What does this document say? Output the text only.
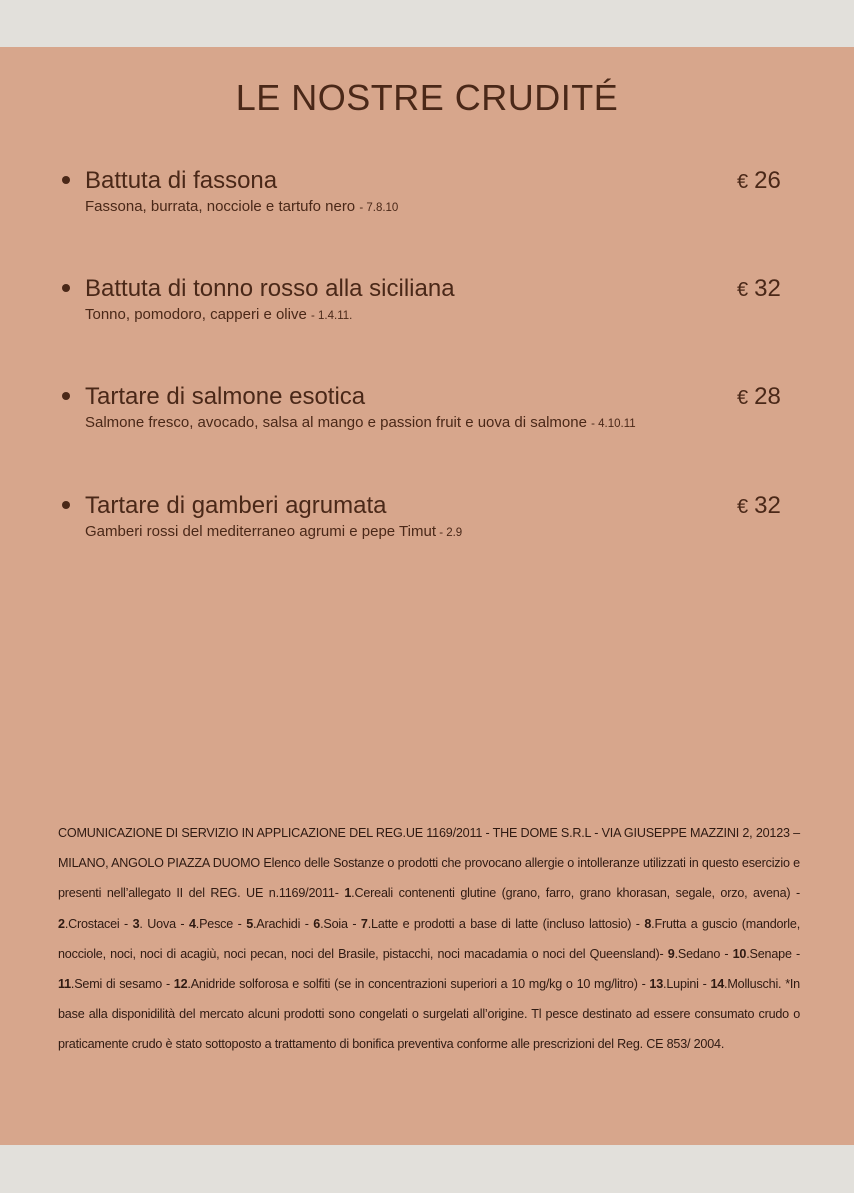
LE NOSTRE CRUDITÉ
Battuta di fassona	€ 26
Fassona, burrata, nocciole e tartufo nero - 7.8.10
Battuta di tonno rosso alla siciliana	€ 32
Tonno, pomodoro, capperi e olive - 1.4.11.
Tartare di salmone esotica	€ 28
Salmone fresco, avocado, salsa al mango e passion fruit e uova di salmone - 4.10.11
Tartare di gamberi agrumata	€ 32
Gamberi rossi del mediterraneo agrumi e pepe Timut - 2.9
COMUNICAZIONE DI SERVIZIO IN APPLICAZIONE DEL REG.UE 1169/2011 - THE DOME S.R.L - VIA GIUSEPPE MAZZINI 2, 20123 – MILANO, ANGOLO PIAZZA DUOMO Elenco delle Sostanze o prodotti che provocano allergie o intolleranze utilizzati in questo esercizio e presenti nell’allegato II del REG. UE n.1169/2011- 1.Cereali contenenti glutine (grano, farro, grano khorasan, segale, orzo, avena) - 2.Crostacei - 3. Uova - 4.Pesce - 5.Arachidi - 6.Soia - 7.Latte e prodotti a base di latte (incluso lattosio) - 8.Frutta a guscio (mandorle, nocciole, noci, noci di acagiù, noci pecan, noci del Brasile, pistacchi, noci macadamia o noci del Queensland)- 9.Sedano - 10.Senape - 11.Semi di sesamo - 12.Anidride solforosa e solfiti (se in concentrazioni superiori a 10 mg/kg o 10 mg/litro) - 13.Lupini - 14.Molluschi. *In base alla disponidilità del mercato alcuni prodotti sono congelati o surgelati all’origine. Tl pesce destinato ad essere consumato crudo o praticamente crudo è stato sottoposto a trattamento di bonifica preventiva conforme alle prescrizioni del Reg. CE 853/ 2004.
